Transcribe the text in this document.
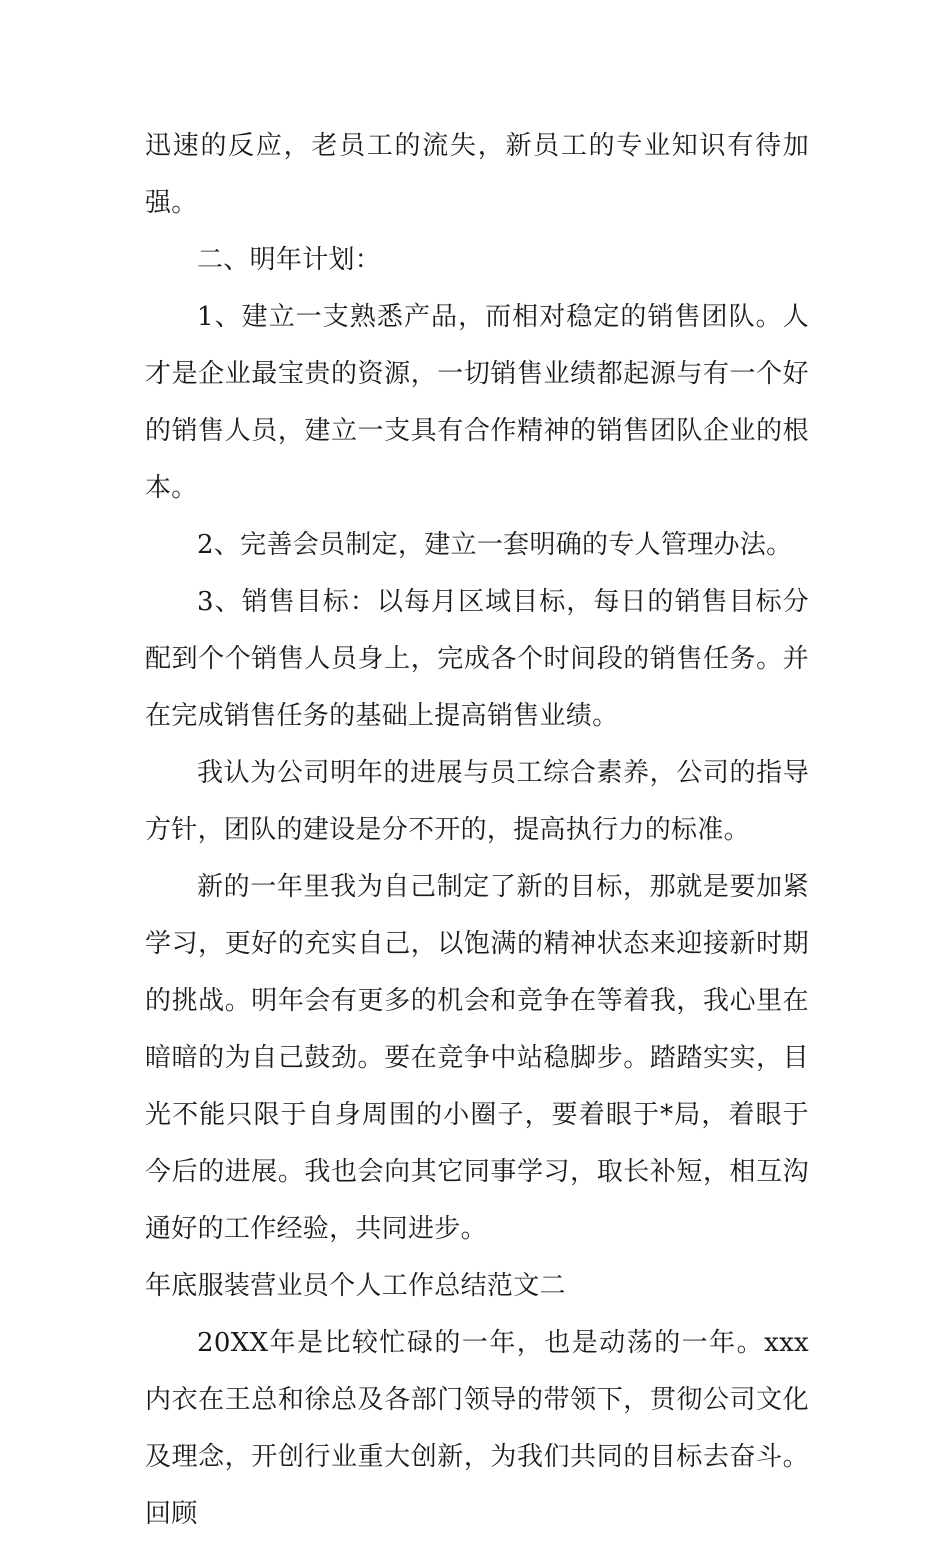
迅速的反应，老员工的流失，新员工的专业知识有待加强。

二、明年计划：

1、建立一支熟悉产品，而相对稳定的销售团队。人才是企业最宝贵的资源，一切销售业绩都起源与有一个好的销售人员，建立一支具有合作精神的销售团队企业的根本。

2、完善会员制定，建立一套明确的专人管理办法。

3、销售目标：以每月区域目标，每日的销售目标分配到个个销售人员身上，完成各个时间段的销售任务。并在完成销售任务的基础上提高销售业绩。

我认为公司明年的进展与员工综合素养，公司的指导方针，团队的建设是分不开的，提高执行力的标准。

新的一年里我为自己制定了新的目标，那就是要加紧学习，更好的充实自己，以饱满的精神状态来迎接新时期的挑战。明年会有更多的机会和竞争在等着我，我心里在暗暗的为自己鼓劲。要在竞争中站稳脚步。踏踏实实，目光不能只限于自身周围的小圈子，要着眼于*局，着眼于今后的进展。我也会向其它同事学习，取长补短，相互沟通好的工作经验，共同进步。

年底服装营业员个人工作总结范文二

20XX年是比较忙碌的一年，也是动荡的一年。xxx内衣在王总和徐总及各部门领导的带领下，贯彻公司文化及理念，开创行业重大创新，为我们共同的目标去奋斗。回顾
